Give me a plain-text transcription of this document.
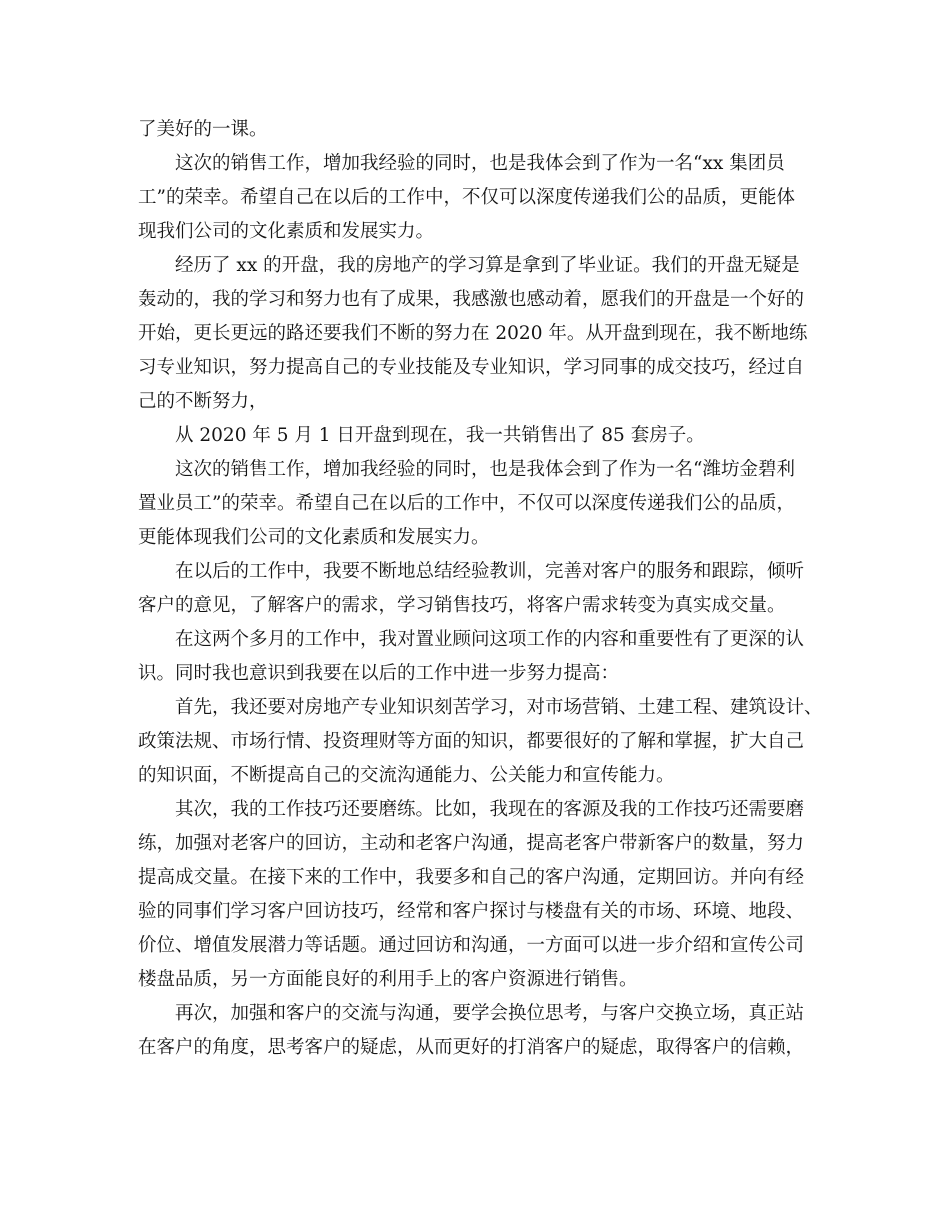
了美好的一课。
这次的销售工作，增加我经验的同时，也是我体会到了作为一名“xx 集团员
工”的荣幸。希望自己在以后的工作中，不仅可以深度传递我们公的品质，更能体
现我们公司的文化素质和发展实力。
经历了 xx 的开盘，我的房地产的学习算是拿到了毕业证。我们的开盘无疑是
轰动的，我的学习和努力也有了成果，我感激也感动着，愿我们的开盘是一个好的
开始，更长更远的路还要我们不断的努力在 2020 年。从开盘到现在，我不断地练
习专业知识，努力提高自己的专业技能及专业知识，学习同事的成交技巧，经过自
己的不断努力，
从 2020 年 5 月 1 日开盘到现在，我一共销售出了 85 套房子。
这次的销售工作，增加我经验的同时，也是我体会到了作为一名“潍坊金碧利
置业员工”的荣幸。希望自己在以后的工作中，不仅可以深度传递我们公的品质，
更能体现我们公司的文化素质和发展实力。
在以后的工作中，我要不断地总结经验教训，完善对客户的服务和跟踪，倾听
客户的意见，了解客户的需求，学习销售技巧，将客户需求转变为真实成交量。
在这两个多月的工作中，我对置业顾问这项工作的内容和重要性有了更深的认
识。同时我也意识到我要在以后的工作中进一步努力提高：
首先，我还要对房地产专业知识刻苦学习，对市场营销、土建工程、建筑设计、
政策法规、市场行情、投资理财等方面的知识，都要很好的了解和掌握，扩大自己
的知识面，不断提高自己的交流沟通能力、公关能力和宣传能力。
其次，我的工作技巧还要磨练。比如，我现在的客源及我的工作技巧还需要磨
练，加强对老客户的回访，主动和老客户沟通，提高老客户带新客户的数量，努力
提高成交量。在接下来的工作中，我要多和自己的客户沟通，定期回访。并向有经
验的同事们学习客户回访技巧，经常和客户探讨与楼盘有关的市场、环境、地段、
价位、增值发展潜力等话题。通过回访和沟通，一方面可以进一步介绍和宣传公司
楼盘品质，另一方面能良好的利用手上的客户资源进行销售。
再次，加强和客户的交流与沟通，要学会换位思考，与客户交换立场，真正站
在客户的角度，思考客户的疑虑，从而更好的打消客户的疑虑，取得客户的信赖，
